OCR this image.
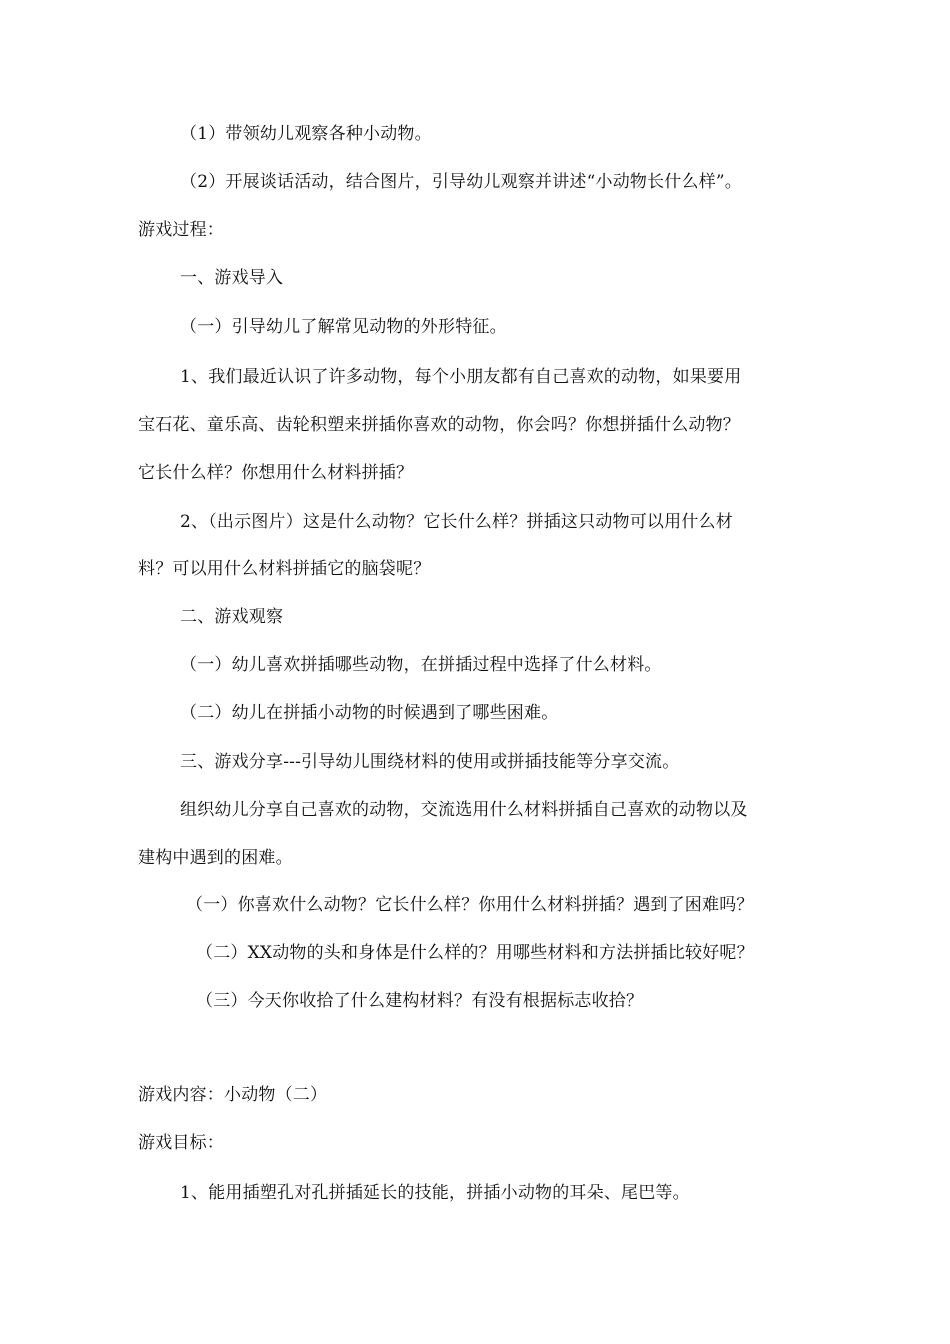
（1）带领幼儿观察各种小动物。
（2）开展谈话活动，结合图片，引导幼儿观察并讲述“小动物长什么样”。
游戏过程：
一、游戏导入
（一）引导幼儿了解常见动物的外形特征。
1、我们最近认识了许多动物，每个小朋友都有自己喜欢的动物，如果要用
宝石花、童乐高、齿轮积塑来拼插你喜欢的动物，你会吗？你想拼插什么动物？
它长什么样？你想用什么材料拼插？
2、（出示图片）这是什么动物？它长什么样？拼插这只动物可以用什么材
料？可以用什么材料拼插它的脑袋呢？
二、游戏观察
（一）幼儿喜欢拼插哪些动物，在拼插过程中选择了什么材料。
（二）幼儿在拼插小动物的时候遇到了哪些困难。
三、游戏分享---引导幼儿围绕材料的使用或拼插技能等分享交流。
组织幼儿分享自己喜欢的动物，交流选用什么材料拼插自己喜欢的动物以及
建构中遇到的困难。
（一）你喜欢什么动物？它长什么样？你用什么材料拼插？遇到了困难吗？
（二）XX动物的头和身体是什么样的？用哪些材料和方法拼插比较好呢？
（三）今天你收拾了什么建构材料？有没有根据标志收拾？
游戏内容：小动物（二）
游戏目标：
1、能用插塑孔对孔拼插延长的技能，拼插小动物的耳朵、尾巴等。
